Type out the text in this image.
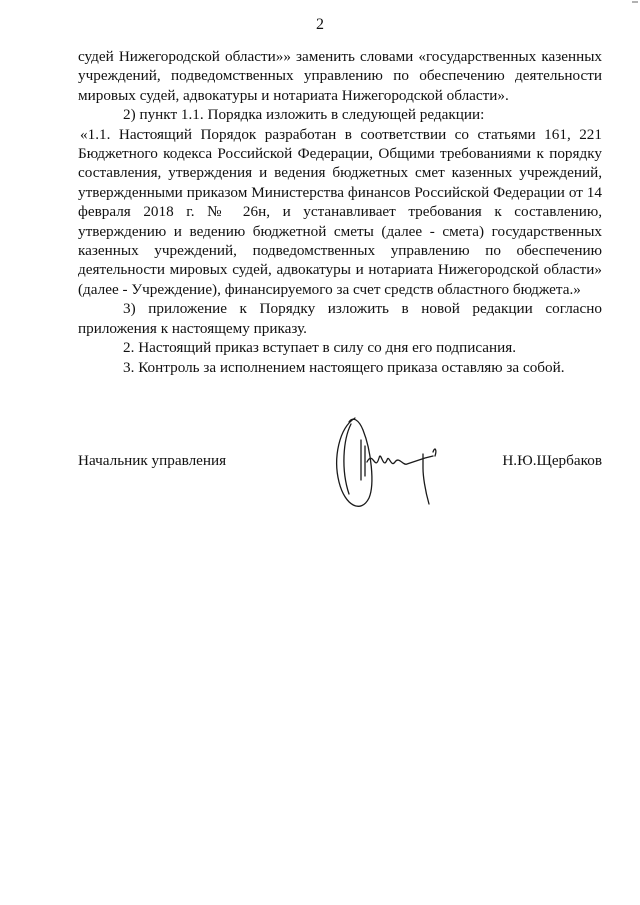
2

судей Нижегородской области»» заменить словами «государственных казенных учреждений, подведомственных управлению по обеспечению деятельности мировых судей, адвокатуры и нотариата Нижегородской области».

2) пункт 1.1. Порядка изложить в следующей редакции:

«1.1. Настоящий Порядок разработан в соответствии со статьями 161, 221 Бюджетного кодекса Российской Федерации, Общими требованиями к порядку составления, утверждения и ведения бюджетных смет казенных учреждений, утвержденными приказом Министерства финансов Российской Федерации от 14 февраля 2018 г. № 26н, и устанавливает требования к составлению, утверждению и ведению бюджетной сметы (далее - смета) государственных казенных учреждений, подведомственных управлению по обеспечению деятельности мировых судей, адвокатуры и нотариата Нижегородской области» (далее - Учреждение), финансируемого за счет средств областного бюджета.»

3) приложение к Порядку изложить в новой редакции согласно приложения к настоящему приказу.

2. Настоящий приказ вступает в силу со дня его подписания.

3. Контроль за исполнением настоящего приказа оставляю за собой.

Начальник управления	Н.Ю.Щербаков
